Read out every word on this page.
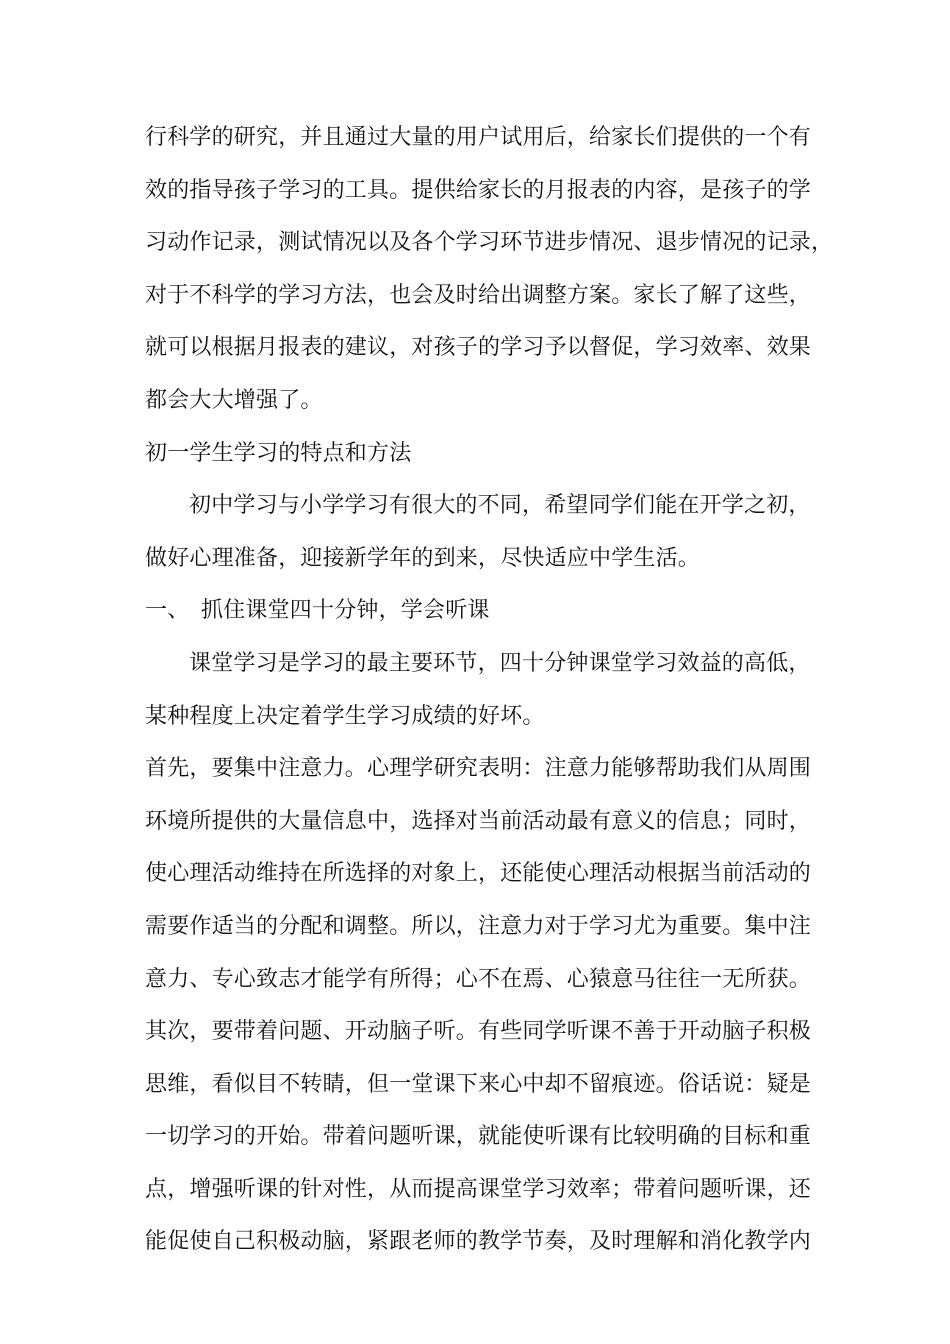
行科学的研究，并且通过大量的用户试用后，给家长们提供的一个有
效的指导孩子学习的工具。提供给家长的月报表的内容，是孩子的学
习动作记录，测试情况以及各个学习环节进步情况、退步情况的记录，
对于不科学的学习方法，也会及时给出调整方案。家长了解了这些，
就可以根据月报表的建议，对孩子的学习予以督促，学习效率、效果
都会大大增强了。
初一学生学习的特点和方法
初中学习与小学学习有很大的不同，希望同学们能在开学之初，
做好心理准备，迎接新学年的到来，尽快适应中学生活。
一、 抓住课堂四十分钟，学会听课
课堂学习是学习的最主要环节，四十分钟课堂学习效益的高低，
某种程度上决定着学生学习成绩的好坏。
首先，要集中注意力。心理学研究表明：注意力能够帮助我们从周围
环境所提供的大量信息中，选择对当前活动最有意义的信息；同时，
使心理活动维持在所选择的对象上，还能使心理活动根据当前活动的
需要作适当的分配和调整。所以，注意力对于学习尤为重要。集中注
意力、专心致志才能学有所得；心不在焉、心猿意马往往一无所获。
其次，要带着问题、开动脑子听。有些同学听课不善于开动脑子积极
思维，看似目不转睛，但一堂课下来心中却不留痕迹。俗话说：疑是
一切学习的开始。带着问题听课，就能使听课有比较明确的目标和重
点，增强听课的针对性，从而提高课堂学习效率；带着问题听课，还
能促使自己积极动脑，紧跟老师的教学节奏，及时理解和消化教学内
